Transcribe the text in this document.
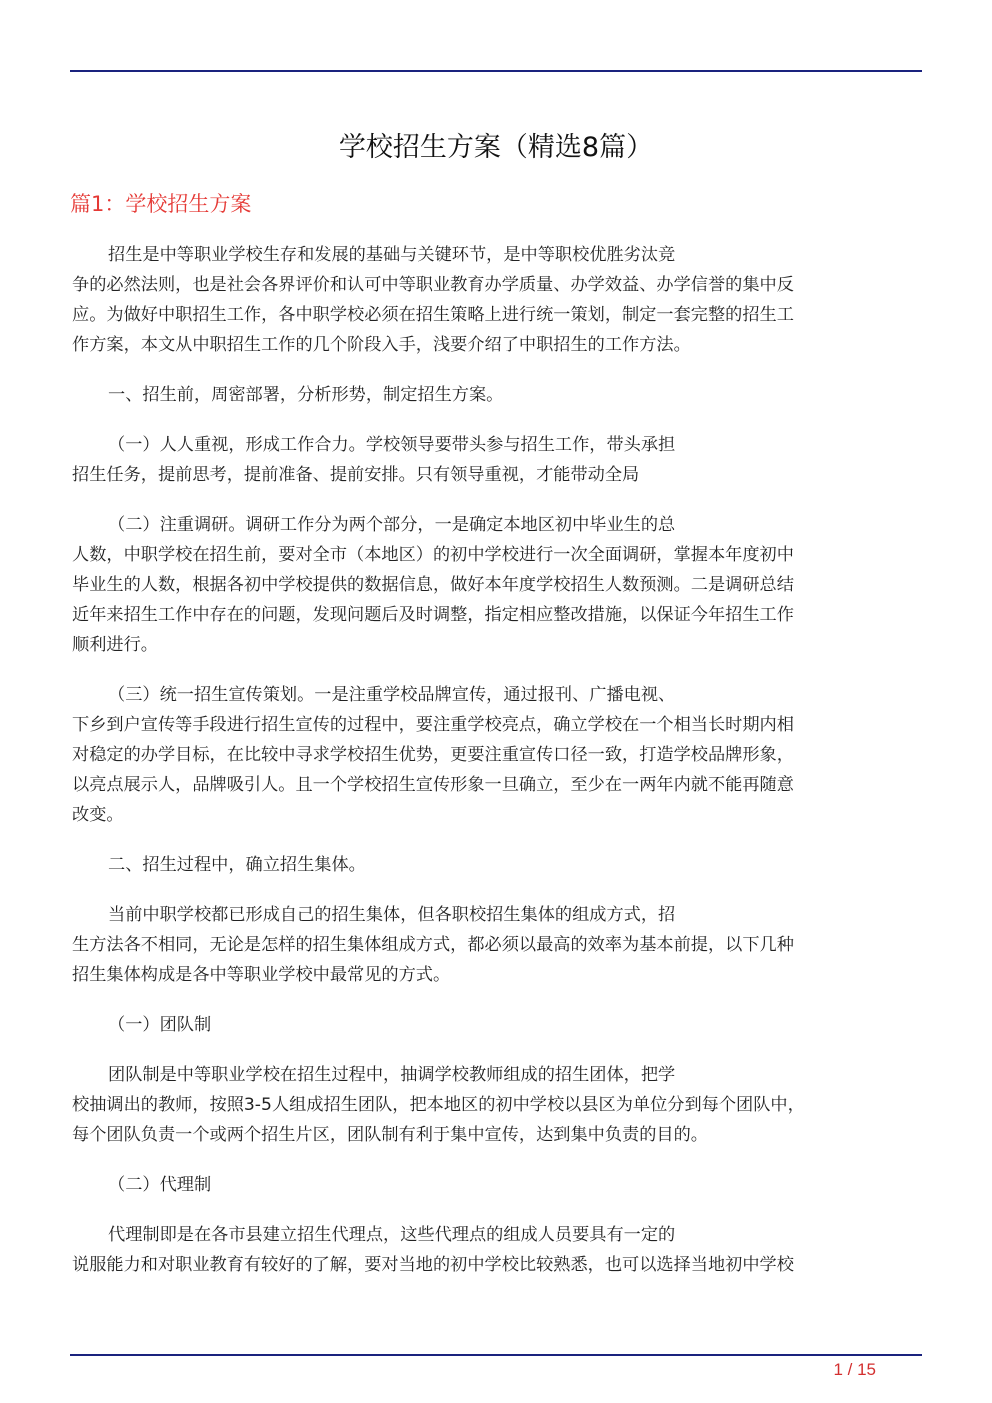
学校招生方案（精选8篇）
篇1：学校招生方案
招生是中等职业学校生存和发展的基础与关键环节，是中等职校优胜劣汰竞
争的必然法则，也是社会各界评价和认可中等职业教育办学质量、办学效益、办学信誉的集中反
应。为做好中职招生工作，各中职学校必须在招生策略上进行统一策划，制定一套完整的招生工
作方案，本文从中职招生工作的几个阶段入手，浅要介绍了中职招生的工作方法。
一、招生前，周密部署，分析形势，制定招生方案。
（一）人人重视，形成工作合力。学校领导要带头参与招生工作，带头承担
招生任务，提前思考，提前准备、提前安排。只有领导重视，才能带动全局
（二）注重调研。调研工作分为两个部分，一是确定本地区初中毕业生的总
人数，中职学校在招生前，要对全市（本地区）的初中学校进行一次全面调研，掌握本年度初中
毕业生的人数，根据各初中学校提供的数据信息，做好本年度学校招生人数预测。二是调研总结
近年来招生工作中存在的问题，发现问题后及时调整，指定相应整改措施，以保证今年招生工作
顺利进行。
（三）统一招生宣传策划。一是注重学校品牌宣传，通过报刊、广播电视、
下乡到户宣传等手段进行招生宣传的过程中，要注重学校亮点，确立学校在一个相当长时期内相
对稳定的办学目标，在比较中寻求学校招生优势，更要注重宣传口径一致，打造学校品牌形象，
以亮点展示人，品牌吸引人。且一个学校招生宣传形象一旦确立，至少在一两年内就不能再随意
改变。
二、招生过程中，确立招生集体。
当前中职学校都已形成自己的招生集体，但各职校招生集体的组成方式，招
生方法各不相同，无论是怎样的招生集体组成方式，都必须以最高的效率为基本前提，以下几种
招生集体构成是各中等职业学校中最常见的方式。
（一）团队制
团队制是中等职业学校在招生过程中，抽调学校教师组成的招生团体，把学
校抽调出的教师，按照3-5人组成招生团队，把本地区的初中学校以县区为单位分到每个团队中，
每个团队负责一个或两个招生片区，团队制有利于集中宣传，达到集中负责的目的。
（二）代理制
代理制即是在各市县建立招生代理点，这些代理点的组成人员要具有一定的
说服能力和对职业教育有较好的了解，要对当地的初中学校比较熟悉，也可以选择当地初中学校
1 / 15
